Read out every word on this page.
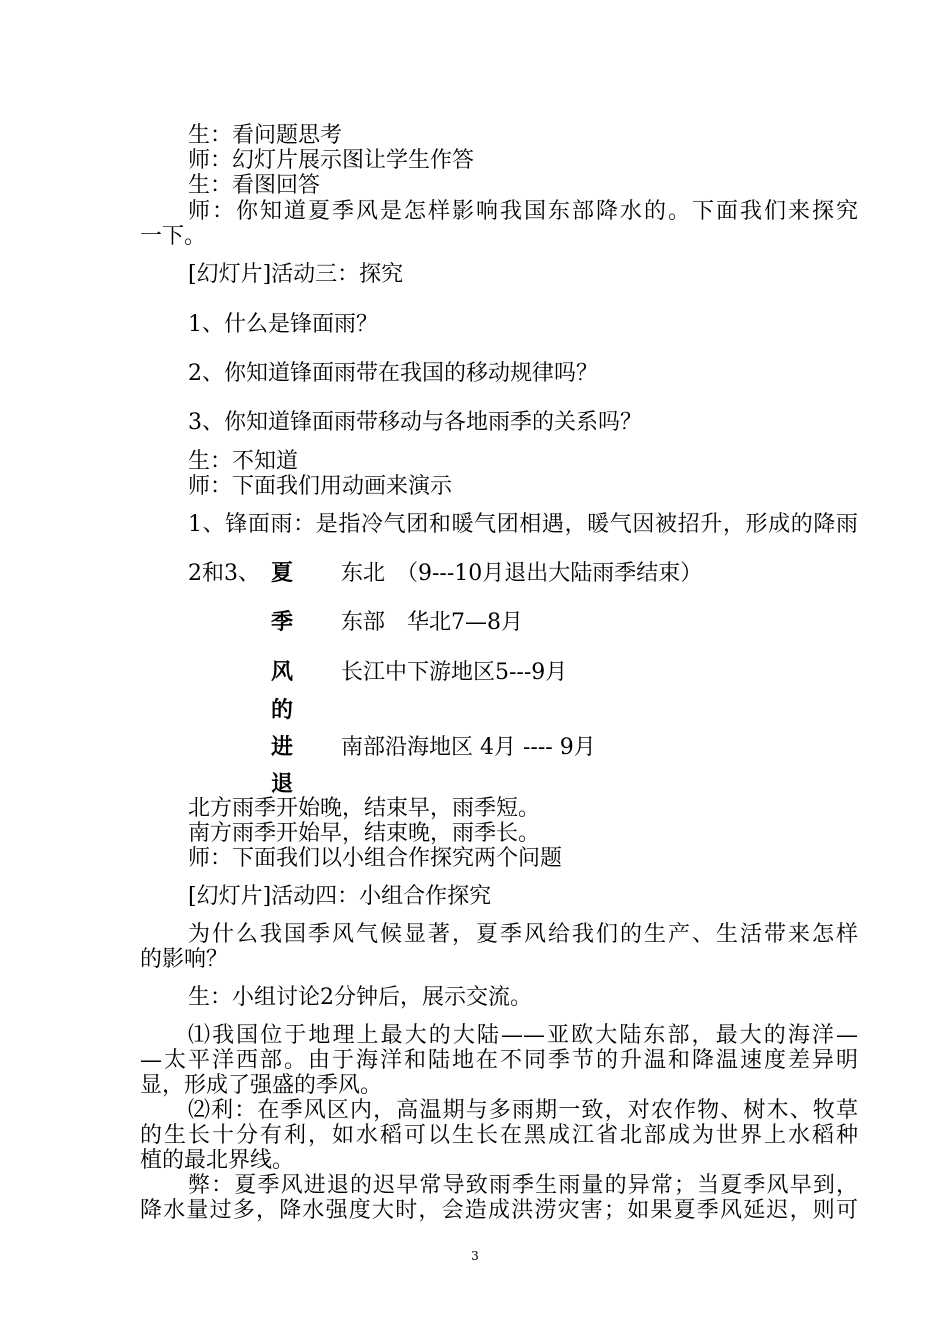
生：看问题思考
师：幻灯片展示图让学生作答
生：看图回答
师：你知道夏季风是怎样影响我国东部降水的。下面我们来探究
一下。
[幻灯片]活动三：探究
1、什么是锋面雨？
2、你知道锋面雨带在我国的移动规律吗？
3、你知道锋面雨带移动与各地雨季的关系吗？
生：不知道
师：下面我们用动画来演示
1、锋面雨：是指冷气团和暖气团相遇，暖气因被招升，形成的降雨
2和3、 夏
季
风
的
进
退
东北　（9---10月退出大陆雨季结束）
东部　华北7—8月
长江中下游地区5---9月
南部沿海地区 4月 ---- 9月
北方雨季开始晚，结束早，雨季短。
南方雨季开始早，结束晚，雨季长。
师：下面我们以小组合作探究两个问题
[幻灯片]活动四：小组合作探究
为什么我国季风气候显著，夏季风给我们的生产、生活带来怎样
的影响？
生：小组讨论2分钟后，展示交流。
⑴我国位于地理上最大的大陆——亚欧大陆东部，最大的海洋—
—太平洋西部。由于海洋和陆地在不同季节的升温和降温速度差异明
显，形成了强盛的季风。
⑵利：在季风区内，高温期与多雨期一致，对农作物、树木、牧草
的生长十分有利，如水稻可以生长在黑成江省北部成为世界上水稻种
植的最北界线。
弊：夏季风进退的迟早常导致雨季生雨量的异常；当夏季风早到，
降水量过多，降水强度大时，会造成洪涝灾害；如果夏季风延迟，则可
3
